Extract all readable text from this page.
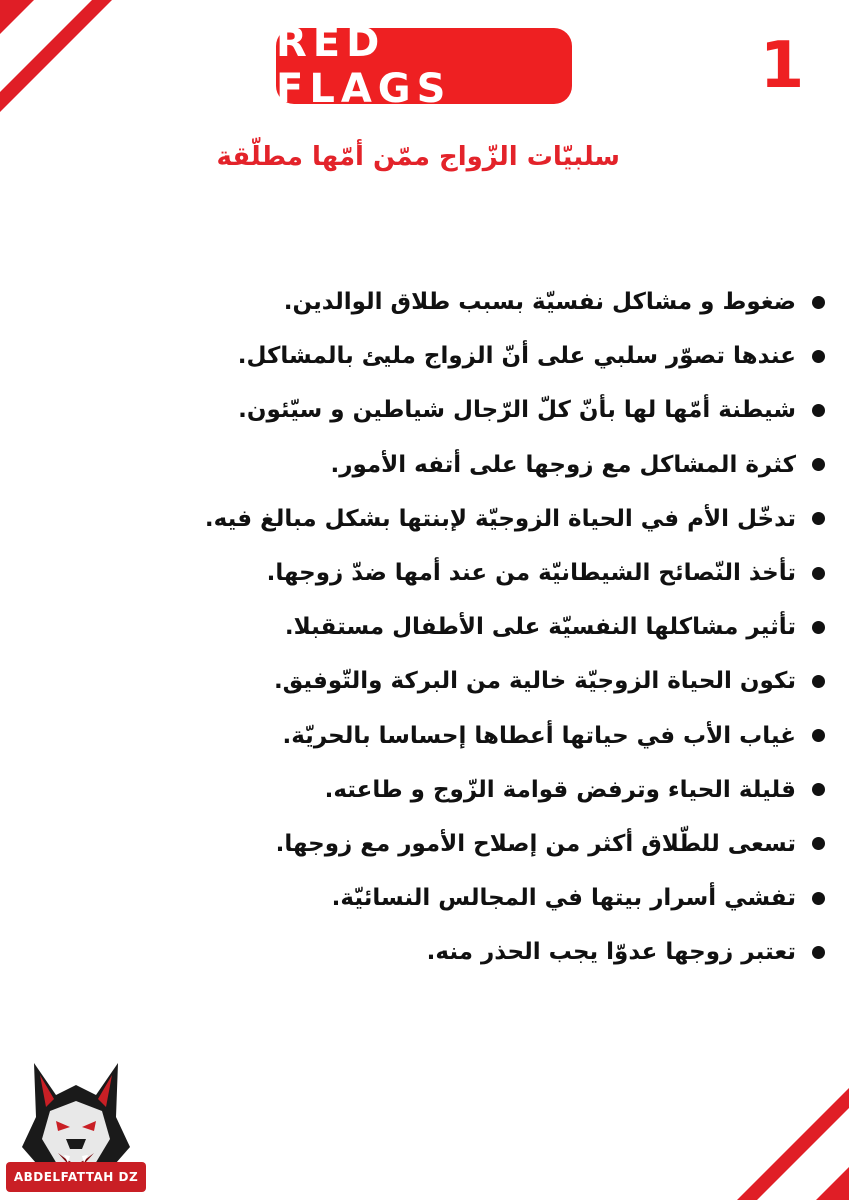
RED FLAGS	1
سلبيّات الزّواج ممّن أمّها مطلّقة
ضغوط و مشاكل نفسيّة بسبب طلاق الوالدين.
عندها تصوّر سلبي على أنّ الزواج مليئ بالمشاكل.
شيطنة أمّها لها بأنّ كلّ الرّجال شياطين و سيّئون.
كثرة المشاكل مع زوجها على أتفه الأمور.
تدخّل الأم في الحياة الزوجيّة لإبنتها بشكل مبالغ فيه.
تأخذ النّصائح الشيطانيّة من عند أمها ضدّ زوجها.
تأثير مشاكلها النفسيّة على الأطفال مستقبلا.
تكون الحياة الزوجيّة خالية من البركة والتّوفيق.
غياب الأب في حياتها أعطاها إحساسا بالحريّة.
قليلة الحياء وترفض قوامة الزّوج و طاعته.
تسعى للطّلاق أكثر من إصلاح الأمور مع زوجها.
تفشي أسرار بيتها في المجالس النسائيّة.
تعتبر زوجها عدوّا يجب الحذر منه.
ABDELFATTAH DZ
